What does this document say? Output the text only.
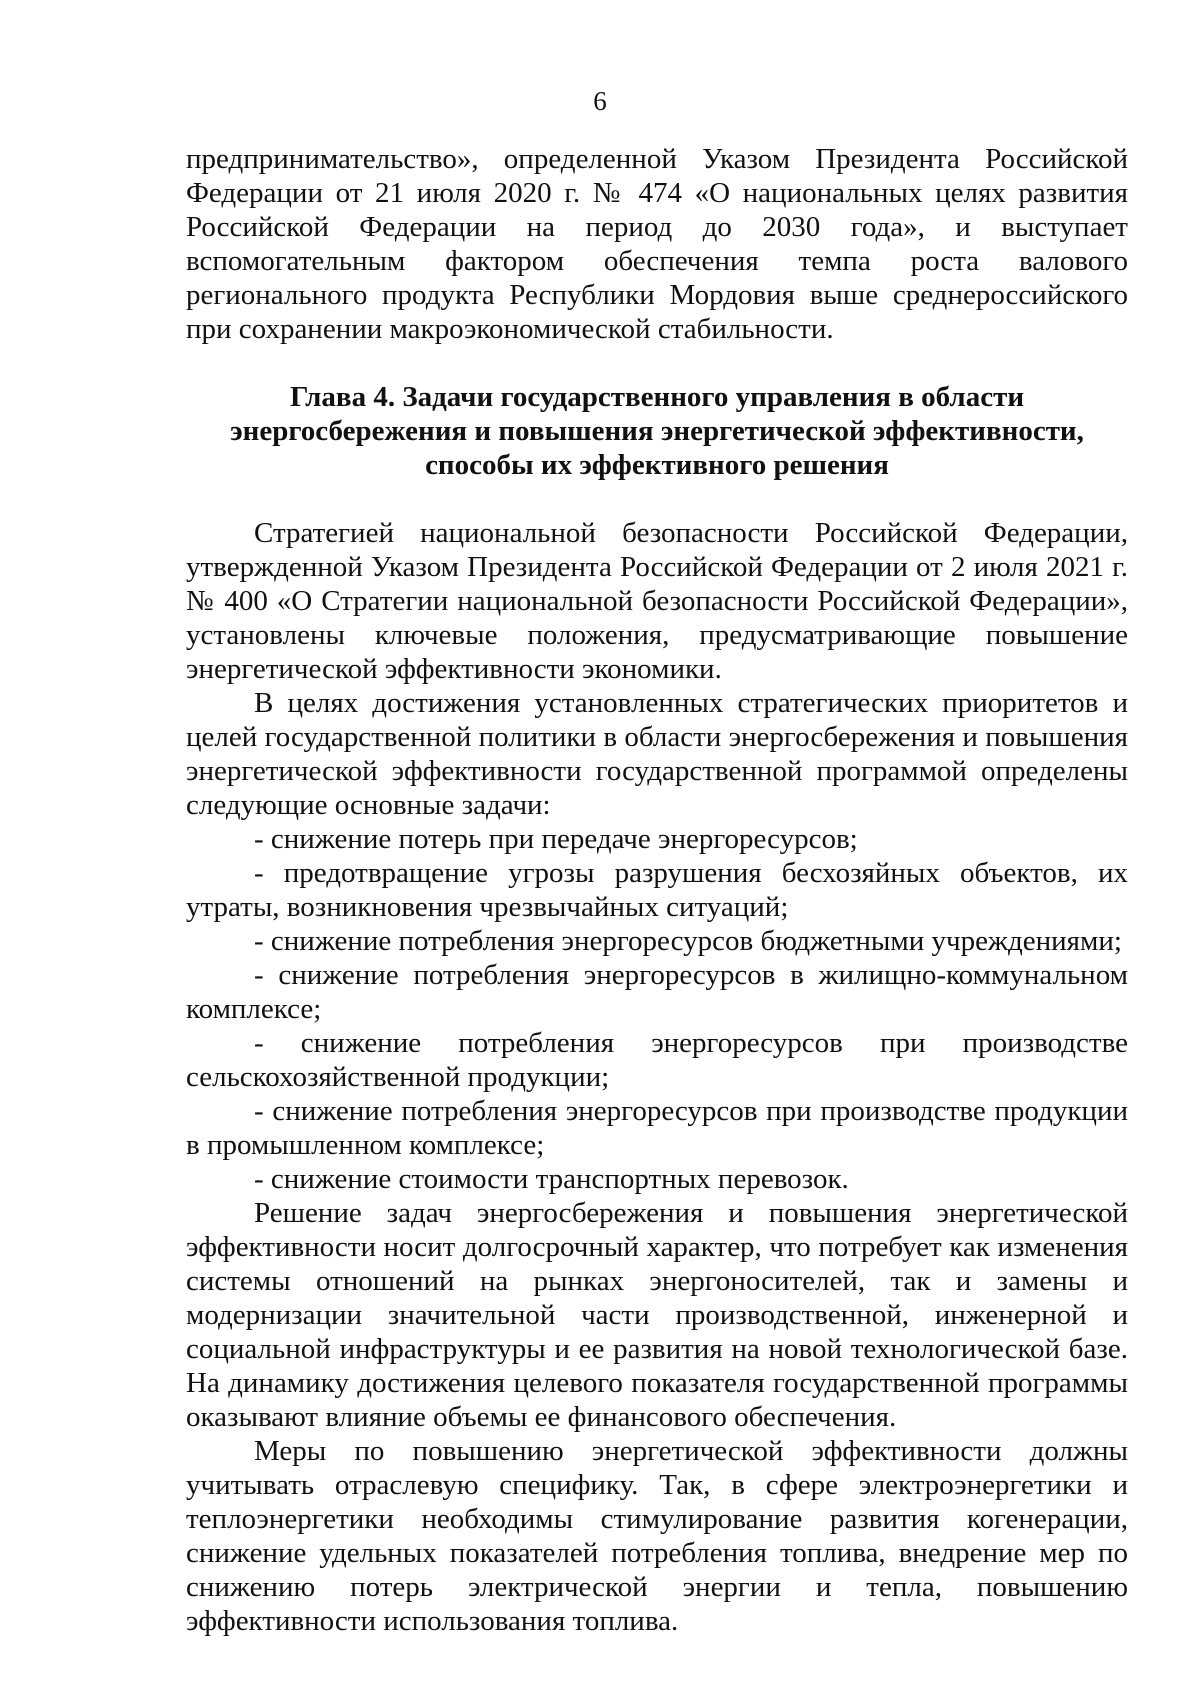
6

предпринимательство», определенной Указом Президента Российской Федерации от 21 июля 2020 г. № 474 «О национальных целях развития Российской Федерации на период до 2030 года», и выступает вспомогательным фактором обеспечения темпа роста валового регионального продукта Республики Мордовия выше среднероссийского при сохранении макроэкономической стабильности.

Глава 4. Задачи государственного управления в области
энергосбережения и повышения энергетической эффективности,
способы их эффективного решения

Стратегией национальной безопасности Российской Федерации, утвержденной Указом Президента Российской Федерации от 2 июля 2021 г. № 400 «О Стратегии национальной безопасности Российской Федерации», установлены ключевые положения, предусматривающие повышение энергетической эффективности экономики.

В целях достижения установленных стратегических приоритетов и целей государственной политики в области энергосбережения и повышения энергетической эффективности государственной программой определены следующие основные задачи:

- снижение потерь при передаче энергоресурсов;

- предотвращение угрозы разрушения бесхозяйных объектов, их утраты, возникновения чрезвычайных ситуаций;

- снижение потребления энергоресурсов бюджетными учреждениями;

- снижение потребления энергоресурсов в жилищно-коммунальном комплексе;

- снижение потребления энергоресурсов при производстве сельскохозяйственной продукции;

- снижение потребления энергоресурсов при производстве продукции в промышленном комплексе;

- снижение стоимости транспортных перевозок.

Решение задач энергосбережения и повышения энергетической эффективности носит долгосрочный характер, что потребует как изменения системы отношений на рынках энергоносителей, так и замены и модернизации значительной части производственной, инженерной и социальной инфраструктуры и ее развития на новой технологической базе. На динамику достижения целевого показателя государственной программы оказывают влияние объемы ее финансового обеспечения.

Меры по повышению энергетической эффективности должны учитывать отраслевую специфику. Так, в сфере электроэнергетики и теплоэнергетики необходимы стимулирование развития когенерации, снижение удельных показателей потребления топлива, внедрение мер по снижению потерь электрической энергии и тепла, повышению эффективности использования топлива.
